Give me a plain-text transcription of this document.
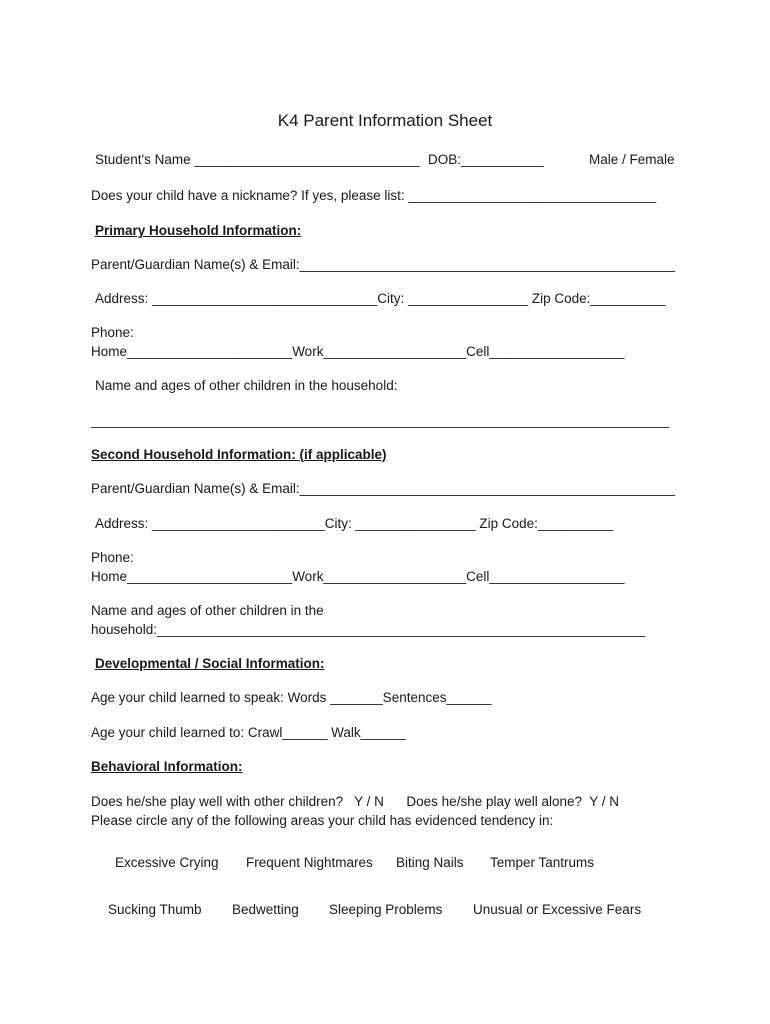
K4 Parent Information Sheet
Student's Name ______________________________ DOB:___________	Male / Female
Does your child have a nickname? If yes, please list: _________________________________
Primary Household Information:
Parent/Guardian Name(s) & Email:__________________________________________________
Address: ______________________________City: ________________ Zip Code:__________
Phone:
Home______________________Work___________________Cell__________________
Name and ages of other children in the household:
_____________________________________________________________________________
Second Household Information: (if applicable)
Parent/Guardian Name(s) & Email:__________________________________________________
Address: _______________________City: ________________ Zip Code:__________
Phone:
Home______________________Work___________________Cell__________________
Name and ages of other children in the
household:_________________________________________________________________
Developmental / Social Information:
Age your child learned to speak: Words _______Sentences______
Age your child learned to: Crawl______ Walk______
Behavioral Information:
Does he/she play well with other children?   Y / N      Does he/she play well alone?  Y / N
Please circle any of the following areas your child has evidenced tendency in:
Excessive Crying Frequent Nightmares Biting Nails Temper Tantrums
Sucking Thumb Bedwetting Sleeping Problems Unusual or Excessive Fears
